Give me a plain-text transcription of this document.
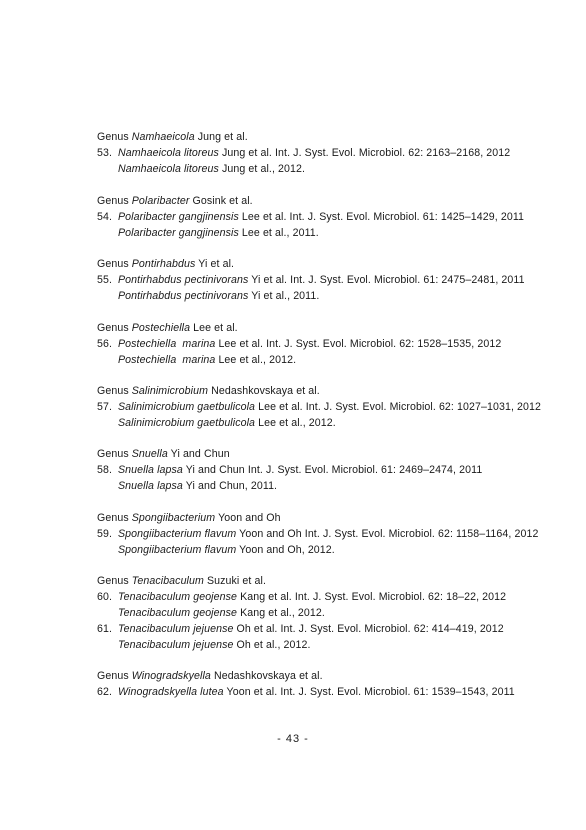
Genus Namhaeicola Jung et al.
53. Namhaeicola litoreus Jung et al. Int. J. Syst. Evol. Microbiol. 62: 2163–2168, 2012
Namhaeicola litoreus Jung et al., 2012.
Genus Polaribacter Gosink et al.
54. Polaribacter gangjinensis Lee et al. Int. J. Syst. Evol. Microbiol. 61: 1425–1429, 2011
Polaribacter gangjinensis Lee et al., 2011.
Genus Pontirhabdus Yi et al.
55. Pontirhabdus pectinivorans Yi et al. Int. J. Syst. Evol. Microbiol. 61: 2475–2481, 2011
Pontirhabdus pectinivorans Yi et al., 2011.
Genus Postechiella Lee et al.
56. Postechiella  marina Lee et al. Int. J. Syst. Evol. Microbiol. 62: 1528–1535, 2012
Postechiella  marina Lee et al., 2012.
Genus Salinimicrobium Nedashkovskaya et al.
57. Salinimicrobium gaetbulicola Lee et al. Int. J. Syst. Evol. Microbiol. 62: 1027–1031, 2012
Salinimicrobium gaetbulicola Lee et al., 2012.
Genus Snuella Yi and Chun
58. Snuella lapsa Yi and Chun Int. J. Syst. Evol. Microbiol. 61: 2469–2474, 2011
Snuella lapsa Yi and Chun, 2011.
Genus Spongiibacterium Yoon and Oh
59. Spongiibacterium flavum Yoon and Oh Int. J. Syst. Evol. Microbiol. 62: 1158–1164, 2012
Spongiibacterium flavum Yoon and Oh, 2012.
Genus Tenacibaculum Suzuki et al.
60. Tenacibaculum geojense Kang et al. Int. J. Syst. Evol. Microbiol. 62: 18–22, 2012
Tenacibaculum geojense Kang et al., 2012.
61. Tenacibaculum jejuense Oh et al. Int. J. Syst. Evol. Microbiol. 62: 414–419, 2012
Tenacibaculum jejuense Oh et al., 2012.
Genus Winogradskyella Nedashkovskaya et al.
62. Winogradskyella lutea Yoon et al. Int. J. Syst. Evol. Microbiol. 61: 1539–1543, 2011
- 43 -
